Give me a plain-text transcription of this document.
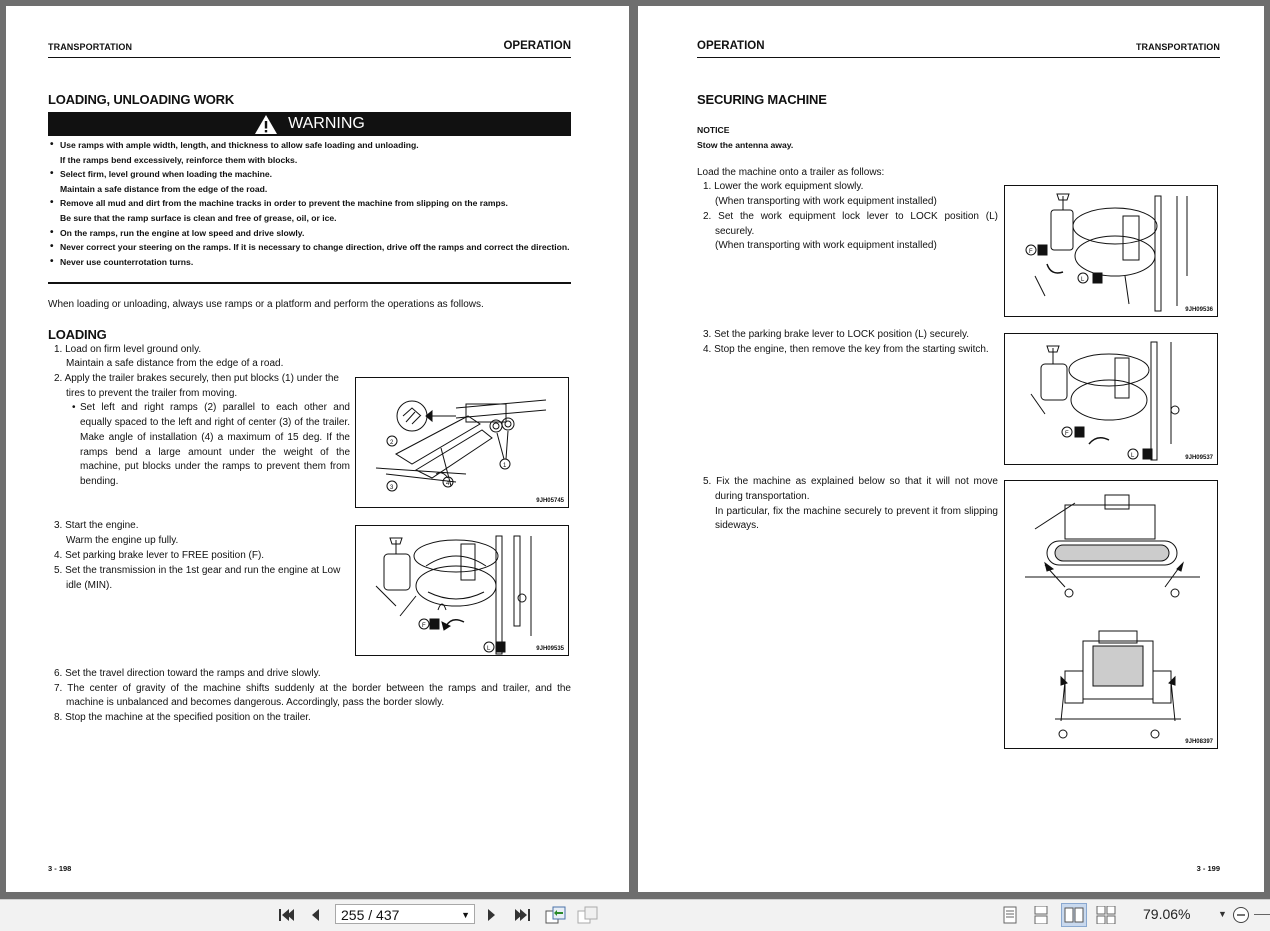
TRANSPORTATION	OPERATION
LOADING, UNLOADING WORK
WARNING
• Use ramps with ample width, length, and thickness to allow safe loading and unloading.
If the ramps bend excessively, reinforce them with blocks.
• Select firm, level ground when loading the machine.
Maintain a safe distance from the edge of the road.
• Remove all mud and dirt from the machine tracks in order to prevent the machine from slipping on the ramps.
Be sure that the ramp surface is clean and free of grease, oil, or ice.
• On the ramps, run the engine at low speed and drive slowly.
• Never correct your steering on the ramps. If it is necessary to change direction, drive off the ramps and correct the direction.
• Never use counterrotation turns.
When loading or unloading, always use ramps or a platform and perform the operations as follows.
LOADING
1. Load on firm level ground only.
Maintain a safe distance from the edge of a road.
2. Apply the trailer brakes securely, then put blocks (1) under the
tires to prevent the trailer from moving.
• Set left and right ramps (2) parallel to each other and
equally spaced to the left and right of center (3) of the trailer.
Make angle of installation (4) a maximum of 15 deg. If the
ramps bend a large amount under the weight of the
machine, put blocks under the ramps to prevent them from
bending.
2
3
4
1
9JH05745
3. Start the engine.
Warm the engine up fully.
4. Set parking brake lever to FREE position (F).
5. Set the transmission in the 1st gear and run the engine at Low
idle (MIN).
F
L	9JH09535
6. Set the travel direction toward the ramps and drive slowly.
7. The center of gravity of the machine shifts suddenly at the border between the ramps and trailer, and the
machine is unbalanced and becomes dangerous. Accordingly, pass the border slowly.
8. Stop the machine at the specified position on the trailer.
3 - 198
OPERATION	TRANSPORTATION
SECURING MACHINE
NOTICE
Stow the antenna away.
Load the machine onto a trailer as follows:
1. Lower the work equipment slowly.
(When transporting with work equipment installed)
2. Set the work equipment lock lever to LOCK position (L)
securely.
(When transporting with work equipment installed)
F
L
9JH09536
3. Set the parking brake lever to LOCK position (L) securely.
4. Stop the engine, then remove the key from the starting switch.
F
L	9JH09537
5. Fix the machine as explained below so that it will not move
during transportation.
In particular, fix the machine securely to prevent it from slipping
sideways.
9JH08397
3 - 199
255 / 437	▼	79.06%	▼
